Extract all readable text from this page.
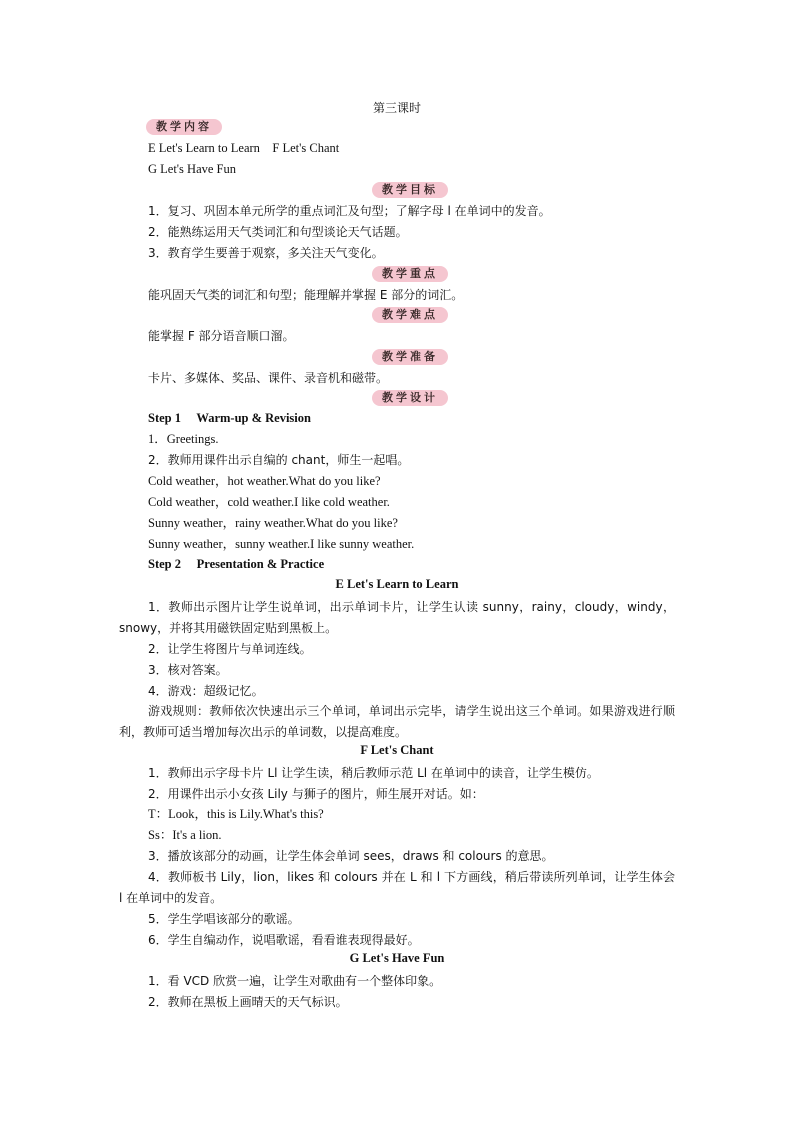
第三课时
教学内容
E Let's Learn to Learn　F Let's Chant
G Let's Have Fun
教学目标
1．复习、巩固本单元所学的重点词汇及句型；了解字母 l 在单词中的发音。
2．能熟练运用天气类词汇和句型谈论天气话题。
3．教育学生要善于观察，多关注天气变化。
教学重点
能巩固天气类的词汇和句型；能理解并掌握 E 部分的词汇。
教学难点
能掌握 F 部分语音顺口溜。
教学准备
卡片、多媒体、奖品、课件、录音机和磁带。
教学设计
Step 1　 Warm-up & Revision
1．Greetings.
2．教师用课件出示自编的 chant，师生一起唱。
Cold weather，hot weather.What do you like?
Cold weather，cold weather.I like cold weather.
Sunny weather，rainy weather.What do you like?
Sunny weather，sunny weather.I like sunny weather.
Step 2　 Presentation & Practice
E Let's Learn to Learn
1．教师出示图片让学生说单词，出示单词卡片，让学生认读 sunny，rainy，cloudy，windy，snowy，并将其用磁铁固定贴到黑板上。
2．让学生将图片与单词连线。
3．核对答案。
4．游戏：超级记忆。
游戏规则：教师依次快速出示三个单词，单词出示完毕，请学生说出这三个单词。如果游戏进行顺利，教师可适当增加每次出示的单词数，以提高难度。
F Let's Chant
1．教师出示字母卡片 Ll 让学生读，稍后教师示范 Ll 在单词中的读音，让学生模仿。
2．用课件出示小女孩 Lily 与狮子的图片，师生展开对话。如：
T：Look，this is Lily.What's this?
Ss：It's a lion.
3．播放该部分的动画，让学生体会单词 sees，draws 和 colours 的意思。
4．教师板书 Lily，lion，likes 和 colours 并在 L 和 l 下方画线，稍后带读所列单词，让学生体会 l 在单词中的发音。
5．学生学唱该部分的歌谣。
6．学生自编动作，说唱歌谣，看看谁表现得最好。
G Let's Have Fun
1．看 VCD 欣赏一遍，让学生对歌曲有一个整体印象。
2．教师在黑板上画晴天的天气标识。
